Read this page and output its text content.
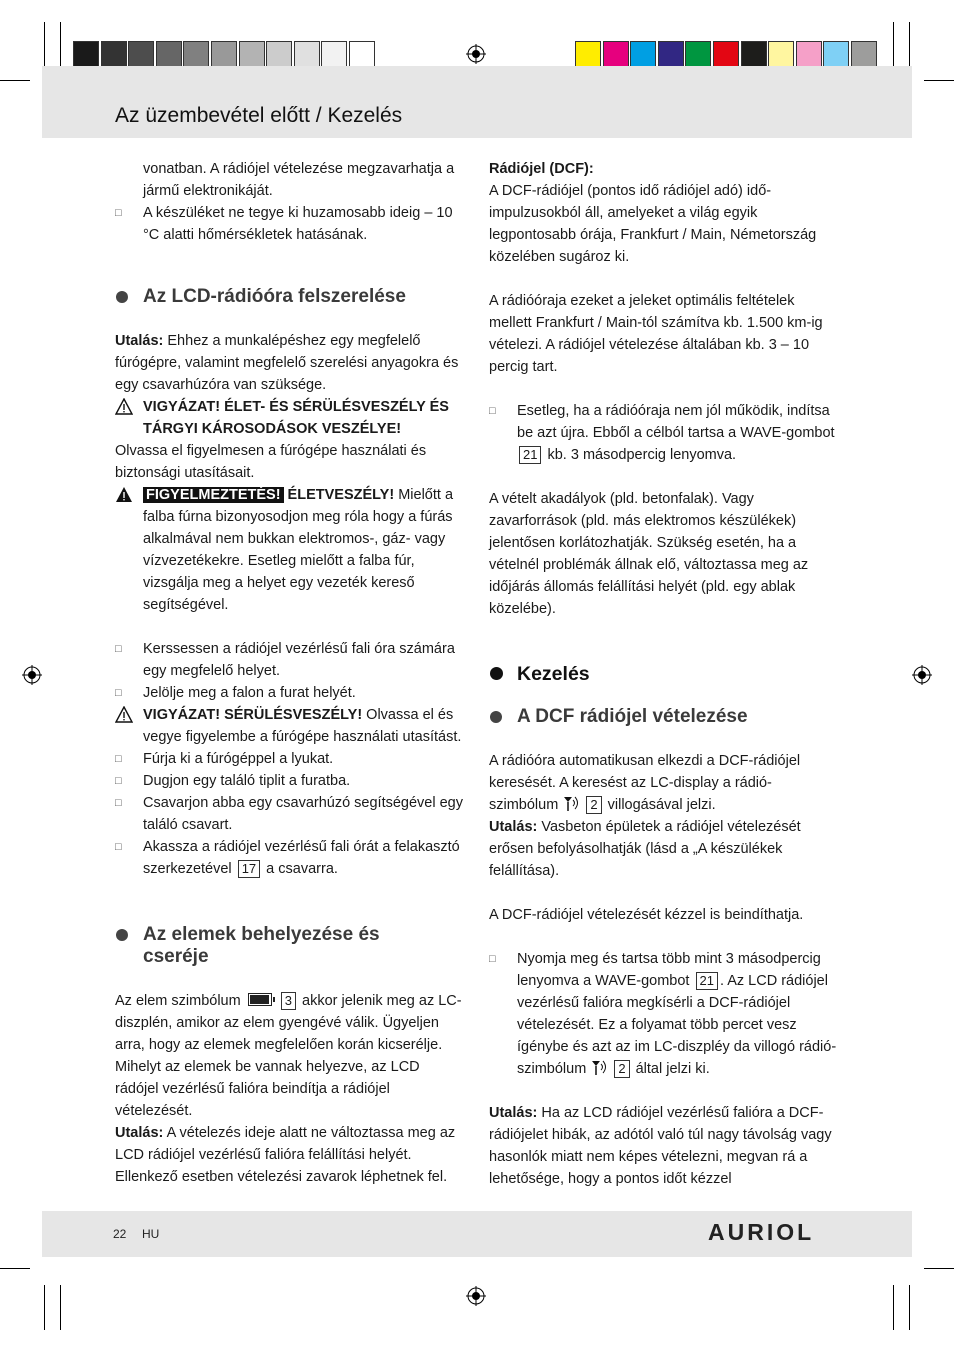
Az üzembevétel előtt / Kezelés

vonatban. A rádiójel vételezése megzavarhatja a jármű elektronikáját.

□ A készüléket ne tegye ki huzamosabb ideig – 10 °C alatti hőmérsékletek hatásának.

Az LCD-rádióóra felszerelése

Utalás: Ehhez a munkalépéshez egy megfelelő fúrógépre, valamint megfelelő szerelési anyagokra és egy csavarhúzóra van szüksége.

VIGYÁZAT! ÉLET- ÉS SÉRÜLÉSVESZÉLY ÉS TÁRGYI KÁROSODÁSOK VESZÉLYE!

Olvassa el figyelmesen a fúrógépe használati és biztonsági utasításait.

FIGYELMEZTETÉS! ÉLETVESZÉLY! Mielőtt a falba fúrna bizonyosodjon meg róla hogy a fúrás alkalmával nem bukkan elektromos-, gáz- vagy vízvezetékekre. Esetleg mielőtt a falba fúr, vizsgálja meg a helyet egy vezeték kereső segítségével.

□ Kerssessen a rádiójel vezérlésű fali óra számára egy megfelelő helyet.

□ Jelölje meg a falon a furat helyét.

VIGYÁZAT! SÉRÜLÉSVESZÉLY! Olvassa el és vegye figyelembe a fúrógépe használati utasítást.

□ Fúrja ki a fúrógéppel a lyukat.

□ Dugjon egy találó tiplit a furatba.

□ Csavarjon abba egy csavarhúzó segítségével egy találó csavart.

□ Akassza a rádiójel vezérlésű fali órát a felakasztó szerkezetével 17 a csavarra.

Az elemek behelyezése és cseréje

Az elem szimbólum	3 akkor jelenik meg az LC-diszplén, amikor az elem gyengévé válik. Ügyeljen arra, hogy az elemek megfelelően korán kicserélje. Mihelyt az elemek be vannak helyezve, az LCD rádójel vezérlésű falióra beindítja a rádiójel vételezését.

Utalás: A vételezés ideje alatt ne változtassa meg az LCD rádiójel vezérlésű falióra felállítási helyét. Ellenkező esetben vételezési zavarok léphetnek fel.

Rádiójel (DCF):

A DCF-rádiójel (pontos idő rádiójel adó) idő-impulzusokból áll, amelyeket a világ egyik legpontosabb órája, Frankfurt / Main, Németország közelében sugároz ki.

A rádióóraja ezeket a jeleket optimális feltételek mellett Frankfurt / Main-tól számítva kb. 1.500 km-ig vételezi. A rádiójel vételezése általában kb. 3 – 10 percig tart.

□ Esetleg, ha a rádióóraja nem jól működik, indítsa be azt újra. Ebből a célból tartsa a WAVE-gombot 21 kb. 3 másodpercig lenyomva.

A vételt akadályok (pld. betonfalak). Vagy zavarforrások (pld. más elektromos készülékek) jelentősen korlátozhatják. Szükség esetén, ha a vételnél problémák állnak elő, változtassa meg az időjárás állomás felállítási helyét (pld. egy ablak közelébe).

Kezelés
A DCF rádiójel vételezése

A rádióóra automatikusan elkezdi a DCF-rádiójel keresését. A keresést az LC-display a rádió-szimbólum  2 villogásával jelzi.

Utalás: Vasbeton épületek a rádiójel vételezését erősen befolyásolhatják (lásd a „A készülékek felállítása).

A DCF-rádiójel vételezését kézzel is beindíthatja.

□ Nyomja meg és tartsa több mint 3 másodpercig lenyomva a WAVE-gombot 21 . Az LCD rádiójel vezérlésű falióra megkísérli a DCF-rádiójel vételezését. Ez a folyamat több percet vesz ígénybe és azt az im LC-diszpléy da villogó rádió-szimbólum  2 által jelzi ki.

Utalás: Ha az LCD rádiójel vezérlésű falióra a DCF-rádiójelet hibák, az adótól való túl nagy távolság vagy hasonlók miatt nem képes vételezni, megvan rá a lehetősége, hogy a pontos időt kézzel

22 HU	AURIOL
